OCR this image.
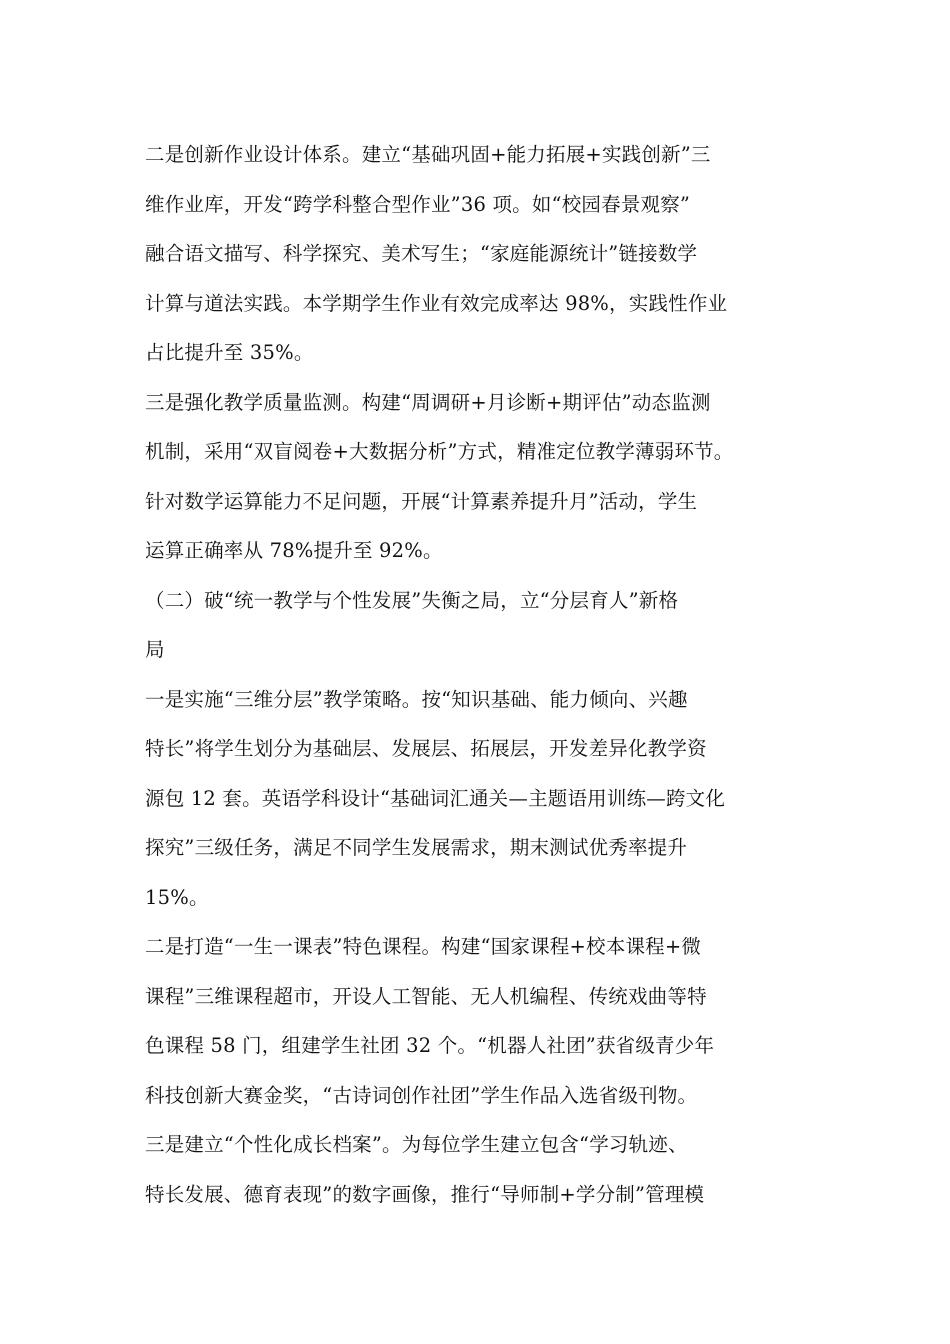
二是创新作业设计体系。建立“基础巩固+能力拓展+实践创新”三
维作业库，开发“跨学科整合型作业”36 项。如“校园春景观察”
融合语文描写、科学探究、美术写生；“家庭能源统计”链接数学
计算与道法实践。本学期学生作业有效完成率达 98%，实践性作业
占比提升至 35%。
三是强化教学质量监测。构建“周调研+月诊断+期评估”动态监测
机制，采用“双盲阅卷+大数据分析”方式，精准定位教学薄弱环节。
针对数学运算能力不足问题，开展“计算素养提升月”活动，学生
运算正确率从 78%提升至 92%。
（二）破“统一教学与个性发展”失衡之局，立“分层育人”新格
局
一是实施“三维分层”教学策略。按“知识基础、能力倾向、兴趣
特长”将学生划分为基础层、发展层、拓展层，开发差异化教学资
源包 12 套。英语学科设计“基础词汇通关—主题语用训练—跨文化
探究”三级任务，满足不同学生发展需求，期末测试优秀率提升
15%。
二是打造“一生一课表”特色课程。构建“国家课程+校本课程+微
课程”三维课程超市，开设人工智能、无人机编程、传统戏曲等特
色课程 58 门，组建学生社团 32 个。“机器人社团”获省级青少年
科技创新大赛金奖，“古诗词创作社团”学生作品入选省级刊物。
三是建立“个性化成长档案”。为每位学生建立包含“学习轨迹、
特长发展、德育表现”的数字画像，推行“导师制+学分制”管理模
